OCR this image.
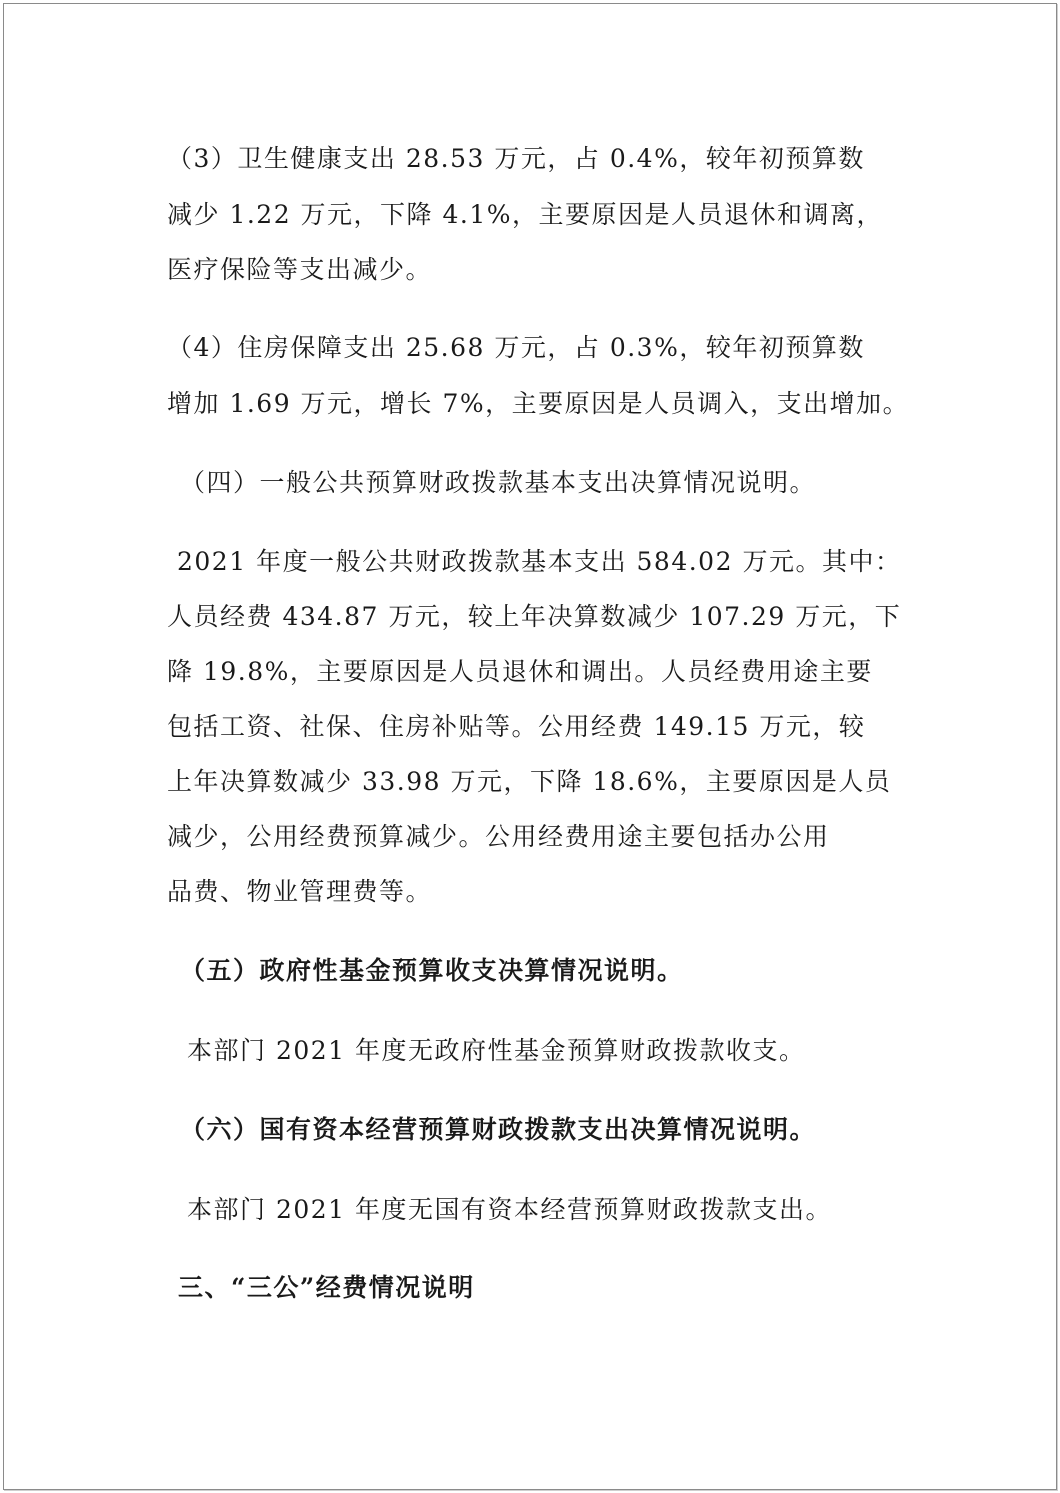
（3）卫生健康支出 28.53 万元，占 0.4%，较年初预算数
减少 1.22 万元，下降 4.1%，主要原因是人员退休和调离，
医疗保险等支出减少。
（4）住房保障支出 25.68 万元，占 0.3%，较年初预算数
增加 1.69 万元，增长 7%，主要原因是人员调入，支出增加。
（四）一般公共预算财政拨款基本支出决算情况说明。
2021 年度一般公共财政拨款基本支出 584.02 万元。其中：
人员经费 434.87 万元，较上年决算数减少 107.29 万元，下
降 19.8%，主要原因是人员退休和调出。人员经费用途主要
包括工资、社保、住房补贴等。公用经费 149.15 万元，较
上年决算数减少 33.98 万元，下降 18.6%，主要原因是人员
减少，公用经费预算减少。公用经费用途主要包括办公用
品费、物业管理费等。
（五）政府性基金预算收支决算情况说明。
本部门 2021 年度无政府性基金预算财政拨款收支。
（六）国有资本经营预算财政拨款支出决算情况说明。
本部门 2021 年度无国有资本经营预算财政拨款支出。
三、“三公”经费情况说明
